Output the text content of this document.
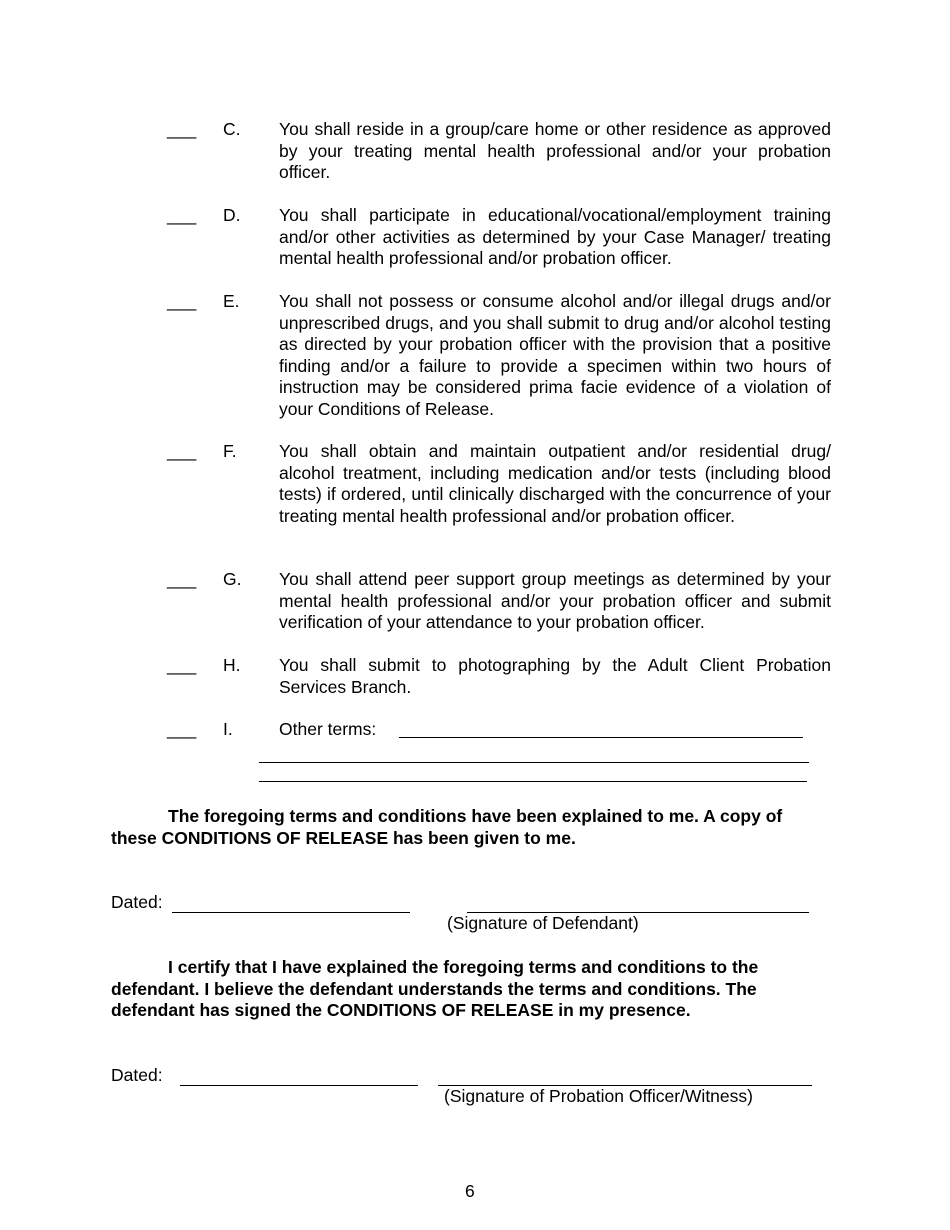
___ C. You shall reside in a group/care home or other residence as approved by your treating mental health professional and/or your probation officer.
___ D. You shall participate in educational/vocational/employment training and/or other activities as determined by your Case Manager/ treating mental health professional and/or probation officer.
___ E. You shall not possess or consume alcohol and/or illegal drugs and/or unprescribed drugs, and you shall submit to drug and/or alcohol testing as directed by your probation officer with the provision that a positive finding and/or a failure to provide a specimen within two hours of instruction may be considered prima facie evidence of a violation of your Conditions of Release.
___ F. You shall obtain and maintain outpatient and/or residential drug/ alcohol treatment, including medication and/or tests (including blood tests) if ordered, until clinically discharged with the concurrence of your treating mental health professional and/or probation officer.
___ G. You shall attend peer support group meetings as determined by your mental health professional and/or your probation officer and submit verification of your attendance to your probation officer.
___ H. You shall submit to photographing by the Adult Client Probation Services Branch.
___ I.	Other terms:
The foregoing terms and conditions have been explained to me. A copy of these CONDITIONS OF RELEASE has been given to me.
Dated:
(Signature of Defendant)
I certify that I have explained the foregoing terms and conditions to the defendant. I believe the defendant understands the terms and conditions. The defendant has signed the CONDITIONS OF RELEASE in my presence.
Dated:
(Signature of Probation Officer/Witness)
6
